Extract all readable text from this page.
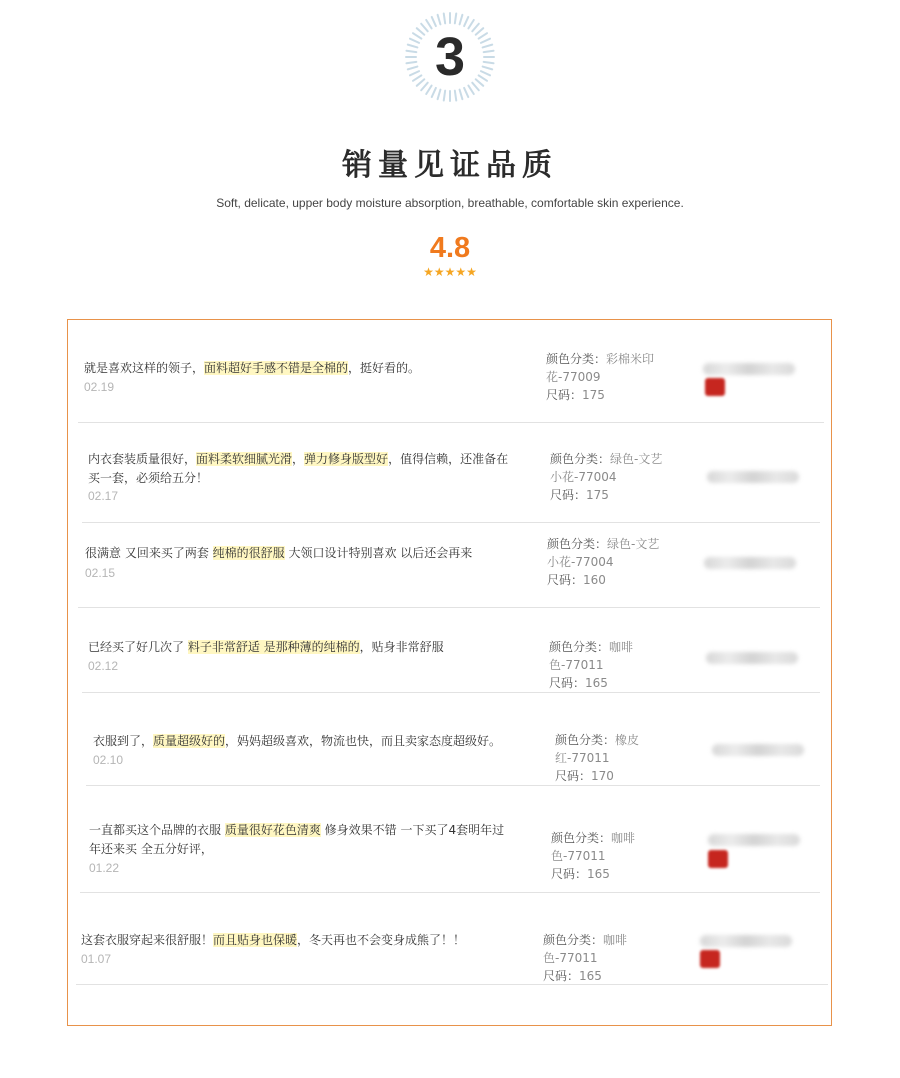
3
销量见证品质
Soft, delicate, upper body moisture absorption, breathable, comfortable skin experience.
4.8
★★★★★
就是喜欢这样的领子，面料超好手感不错是全棉的，挺好看的。
02.19
颜色分类：彩棉米印花-77009
尺码：175
内衣套装质量很好，面料柔软细腻光滑，弹力修身版型好，值得信赖，还准备在买一套，必须给五分！
02.17
颜色分类：绿色-文艺小花-77004
尺码：175
很满意 又回来买了两套 纯棉的很舒服 大领口设计特别喜欢 以后还会再来
02.15
颜色分类：绿色-文艺小花-77004
尺码：160
已经买了好几次了 料子非常舒适 是那种薄的纯棉的，贴身非常舒服
02.12
颜色分类：咖啡色-77011
尺码：165
衣服到了，质量超级好的，妈妈超级喜欢，物流也快，而且卖家态度超级好。
02.10
颜色分类：橡皮红-77011
尺码：170
一直都买这个品牌的衣服 质量很好花色清爽 修身效果不错 一下买了4套明年过年还来买 全五分好评，
01.22
颜色分类：咖啡色-77011
尺码：165
这套衣服穿起来很舒服！而且贴身也保暖，冬天再也不会变身成熊了！！
01.07
颜色分类：咖啡色-77011
尺码：165
